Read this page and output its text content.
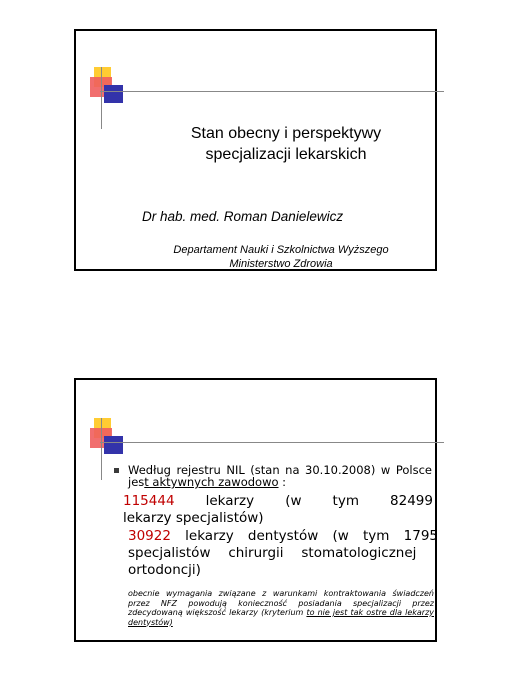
Stan obecny i perspektywy
specjalizacji lekarskich
Dr hab. med. Roman Danielewicz
Departament Nauki i Szkolnictwa Wyższego
Ministerstwo Zdrowia
Według rejestru NIL (stan na 30.10.2008) w Polsce jest aktywnych zawodowo :
115444 lekarzy (w tym 82499
lekarzy specjalistów)
30922 lekarzy dentystów (w tym 1795 specjalistów chirurgii stomatologicznej i ortodoncji)
obecnie wymagania związane z warunkami kontraktowania świadczeń przez NFZ powodują konieczność posiadania specjalizacji przez zdecydowaną większość lekarzy (kryterium to nie jest tak ostre dla lekarzy dentystów)
